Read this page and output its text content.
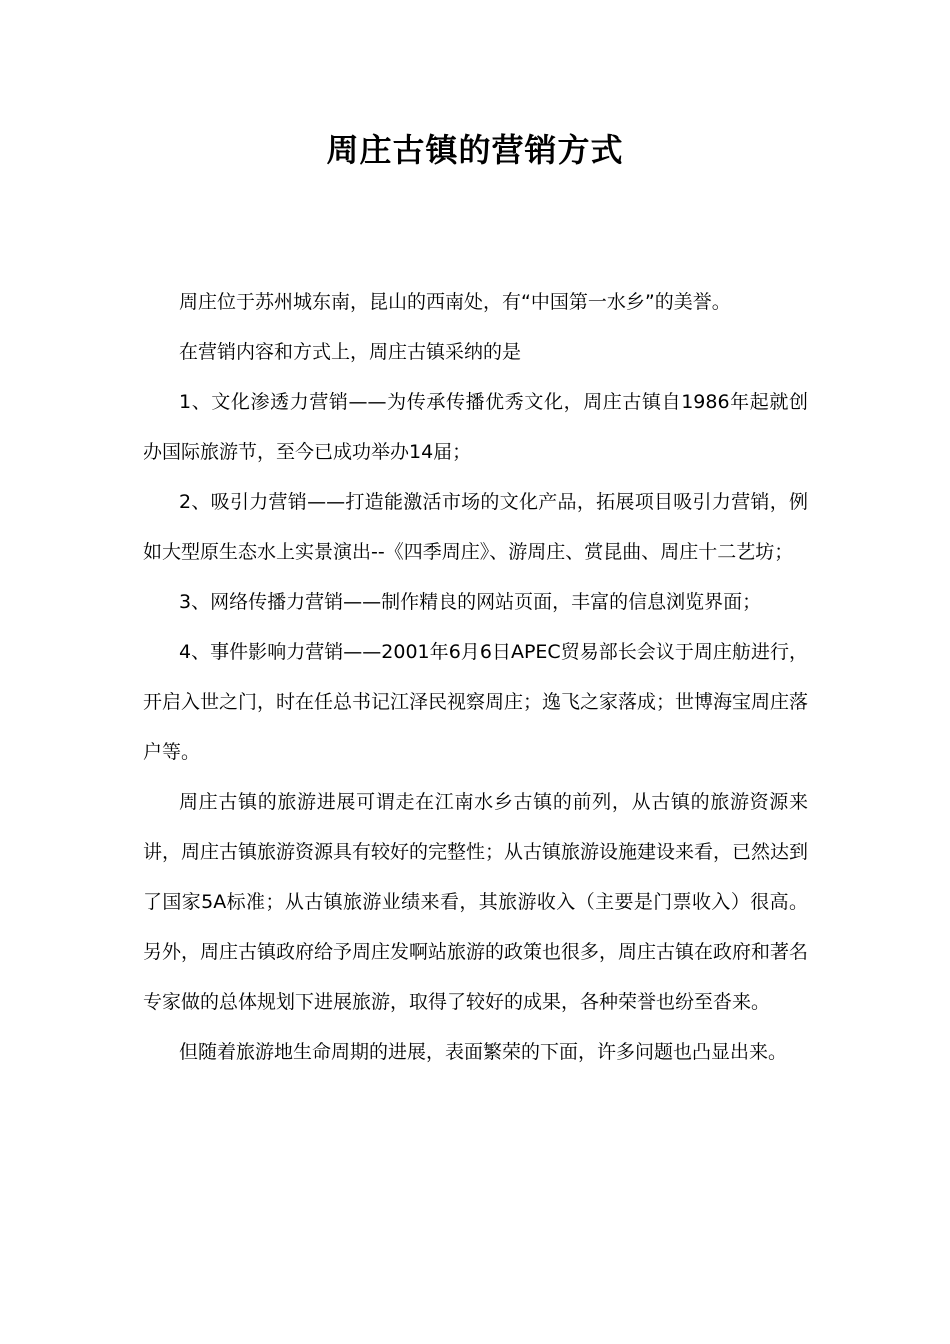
周庄古镇的营销方式

周庄位于苏州城东南，昆山的西南处，有“中国第一水乡”的美誉。

在营销内容和方式上，周庄古镇采纳的是

1、文化渗透力营销——为传承传播优秀文化，周庄古镇自1986年起就创办国际旅游节，至今已成功举办14届；

2、吸引力营销——打造能激活市场的文化产品，拓展项目吸引力营销，例如大型原生态水上实景演出--《四季周庄》、游周庄、赏昆曲、周庄十二艺坊；

3、网络传播力营销——制作精良的网站页面，丰富的信息浏览界面；

4、事件影响力营销——2001年6月6日APEC贸易部长会议于周庄舫进行，开启入世之门，时在任总书记江泽民视察周庄；逸飞之家落成；世博海宝周庄落户等。

周庄古镇的旅游进展可谓走在江南水乡古镇的前列，从古镇的旅游资源来讲，周庄古镇旅游资源具有较好的完整性；从古镇旅游设施建设来看，已然达到了国家5A标准；从古镇旅游业绩来看，其旅游收入（主要是门票收入）很高。另外，周庄古镇政府给予周庄发啊站旅游的政策也很多，周庄古镇在政府和著名专家做的总体规划下进展旅游，取得了较好的成果，各种荣誉也纷至沓来。

但随着旅游地生命周期的进展，表面繁荣的下面，许多问题也凸显出来。
